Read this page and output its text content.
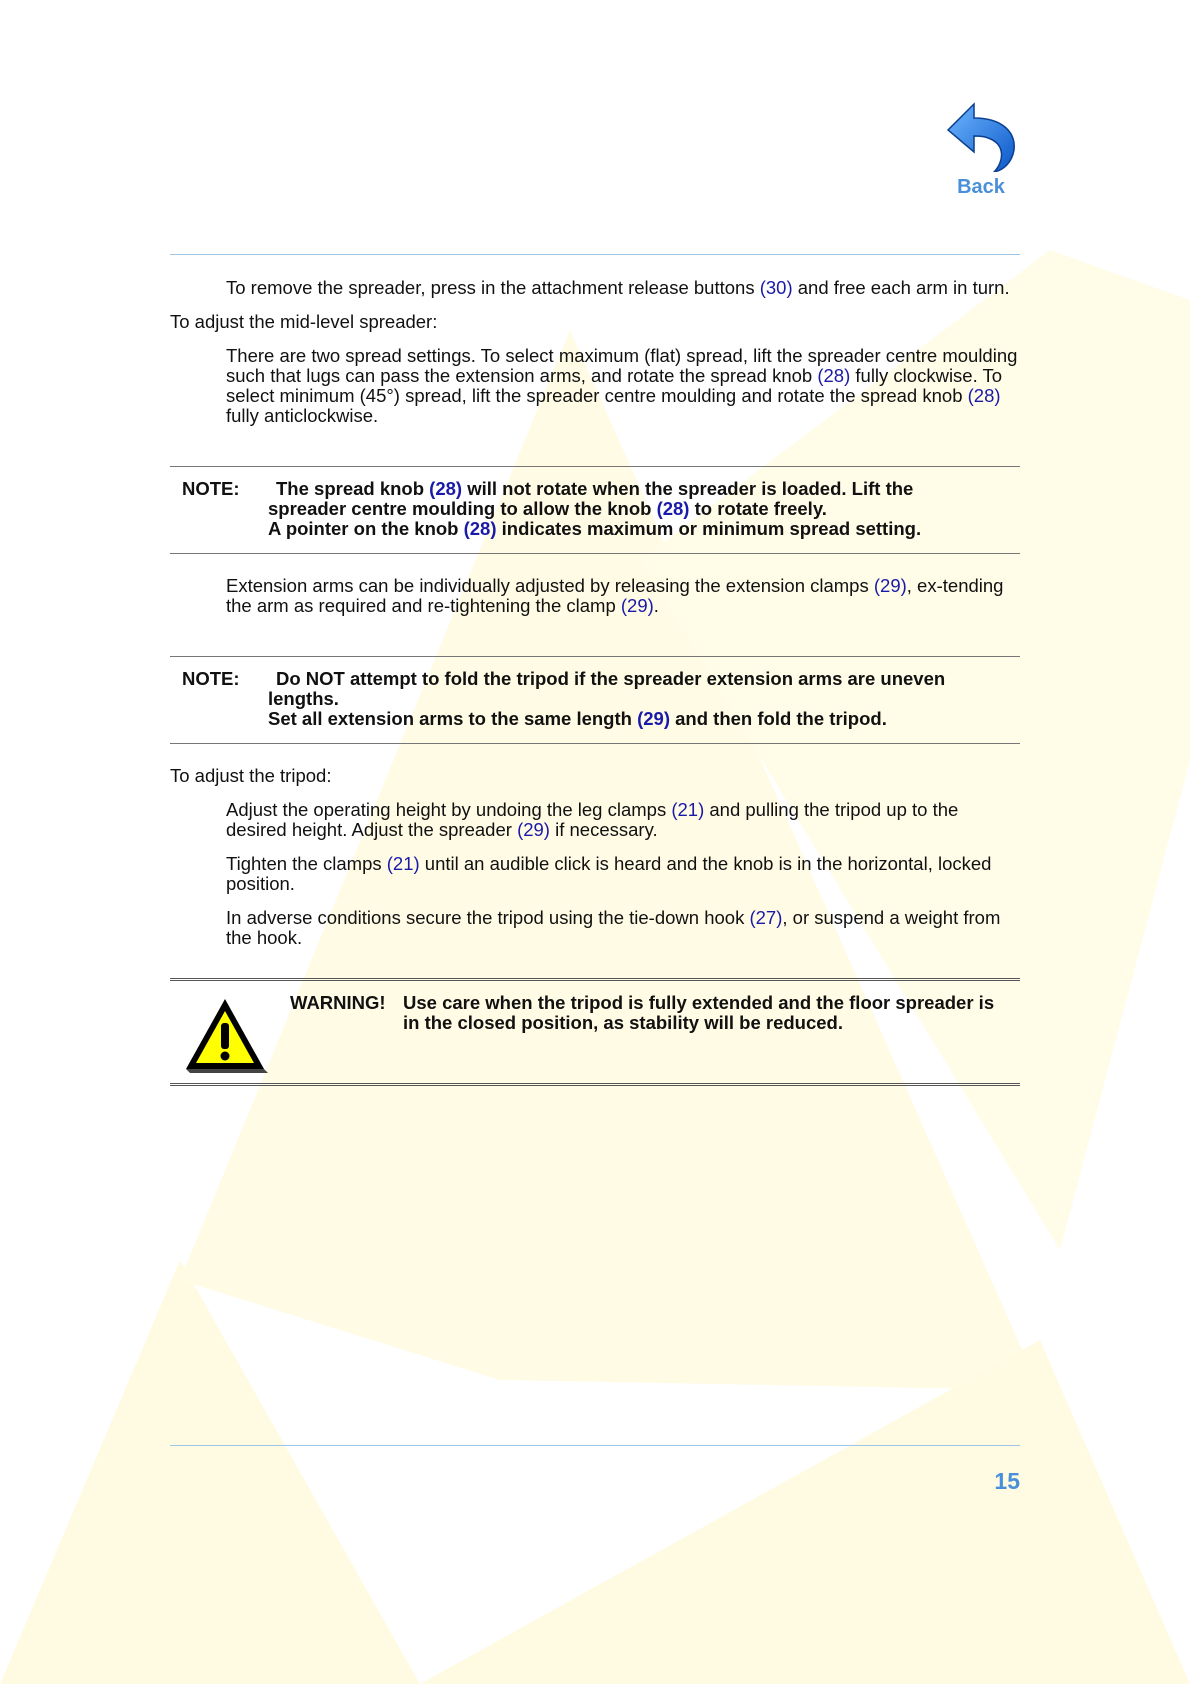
Back

To remove the spreader, press in the attachment release buttons (30) and free each arm in turn.

To adjust the mid-level spreader:

There are two spread settings. To select maximum (flat) spread, lift the spreader centre moulding such that lugs can pass the extension arms, and rotate the spread knob (28) fully clockwise. To select minimum (45°) spread, lift the spreader centre moulding and rotate the spread knob (28) fully anticlockwise.

NOTE:	The spread knob (28) will not rotate when the spreader is loaded. Lift the
spreader centre moulding to allow the knob (28) to rotate freely.
A pointer on the knob (28) indicates maximum or minimum spread setting.

Extension arms can be individually adjusted by releasing the extension clamps (29), ex-tending the arm as required and re-tightening the clamp (29).

NOTE:	Do NOT attempt to fold the tripod if the spreader extension arms are uneven lengths.
Set all extension arms to the same length (29) and then fold the tripod.

To adjust the tripod:

Adjust the operating height by undoing the leg clamps (21) and pulling the tripod up to the desired height. Adjust the spreader (29) if necessary.

Tighten the clamps (21) until an audible click is heard and the knob is in the horizontal, locked position.

In adverse conditions secure the tripod using the tie-down hook (27), or suspend a weight from the hook.

WARNING! Use care when the tripod is fully extended and the floor spreader is in the closed position, as stability will be reduced.
15
